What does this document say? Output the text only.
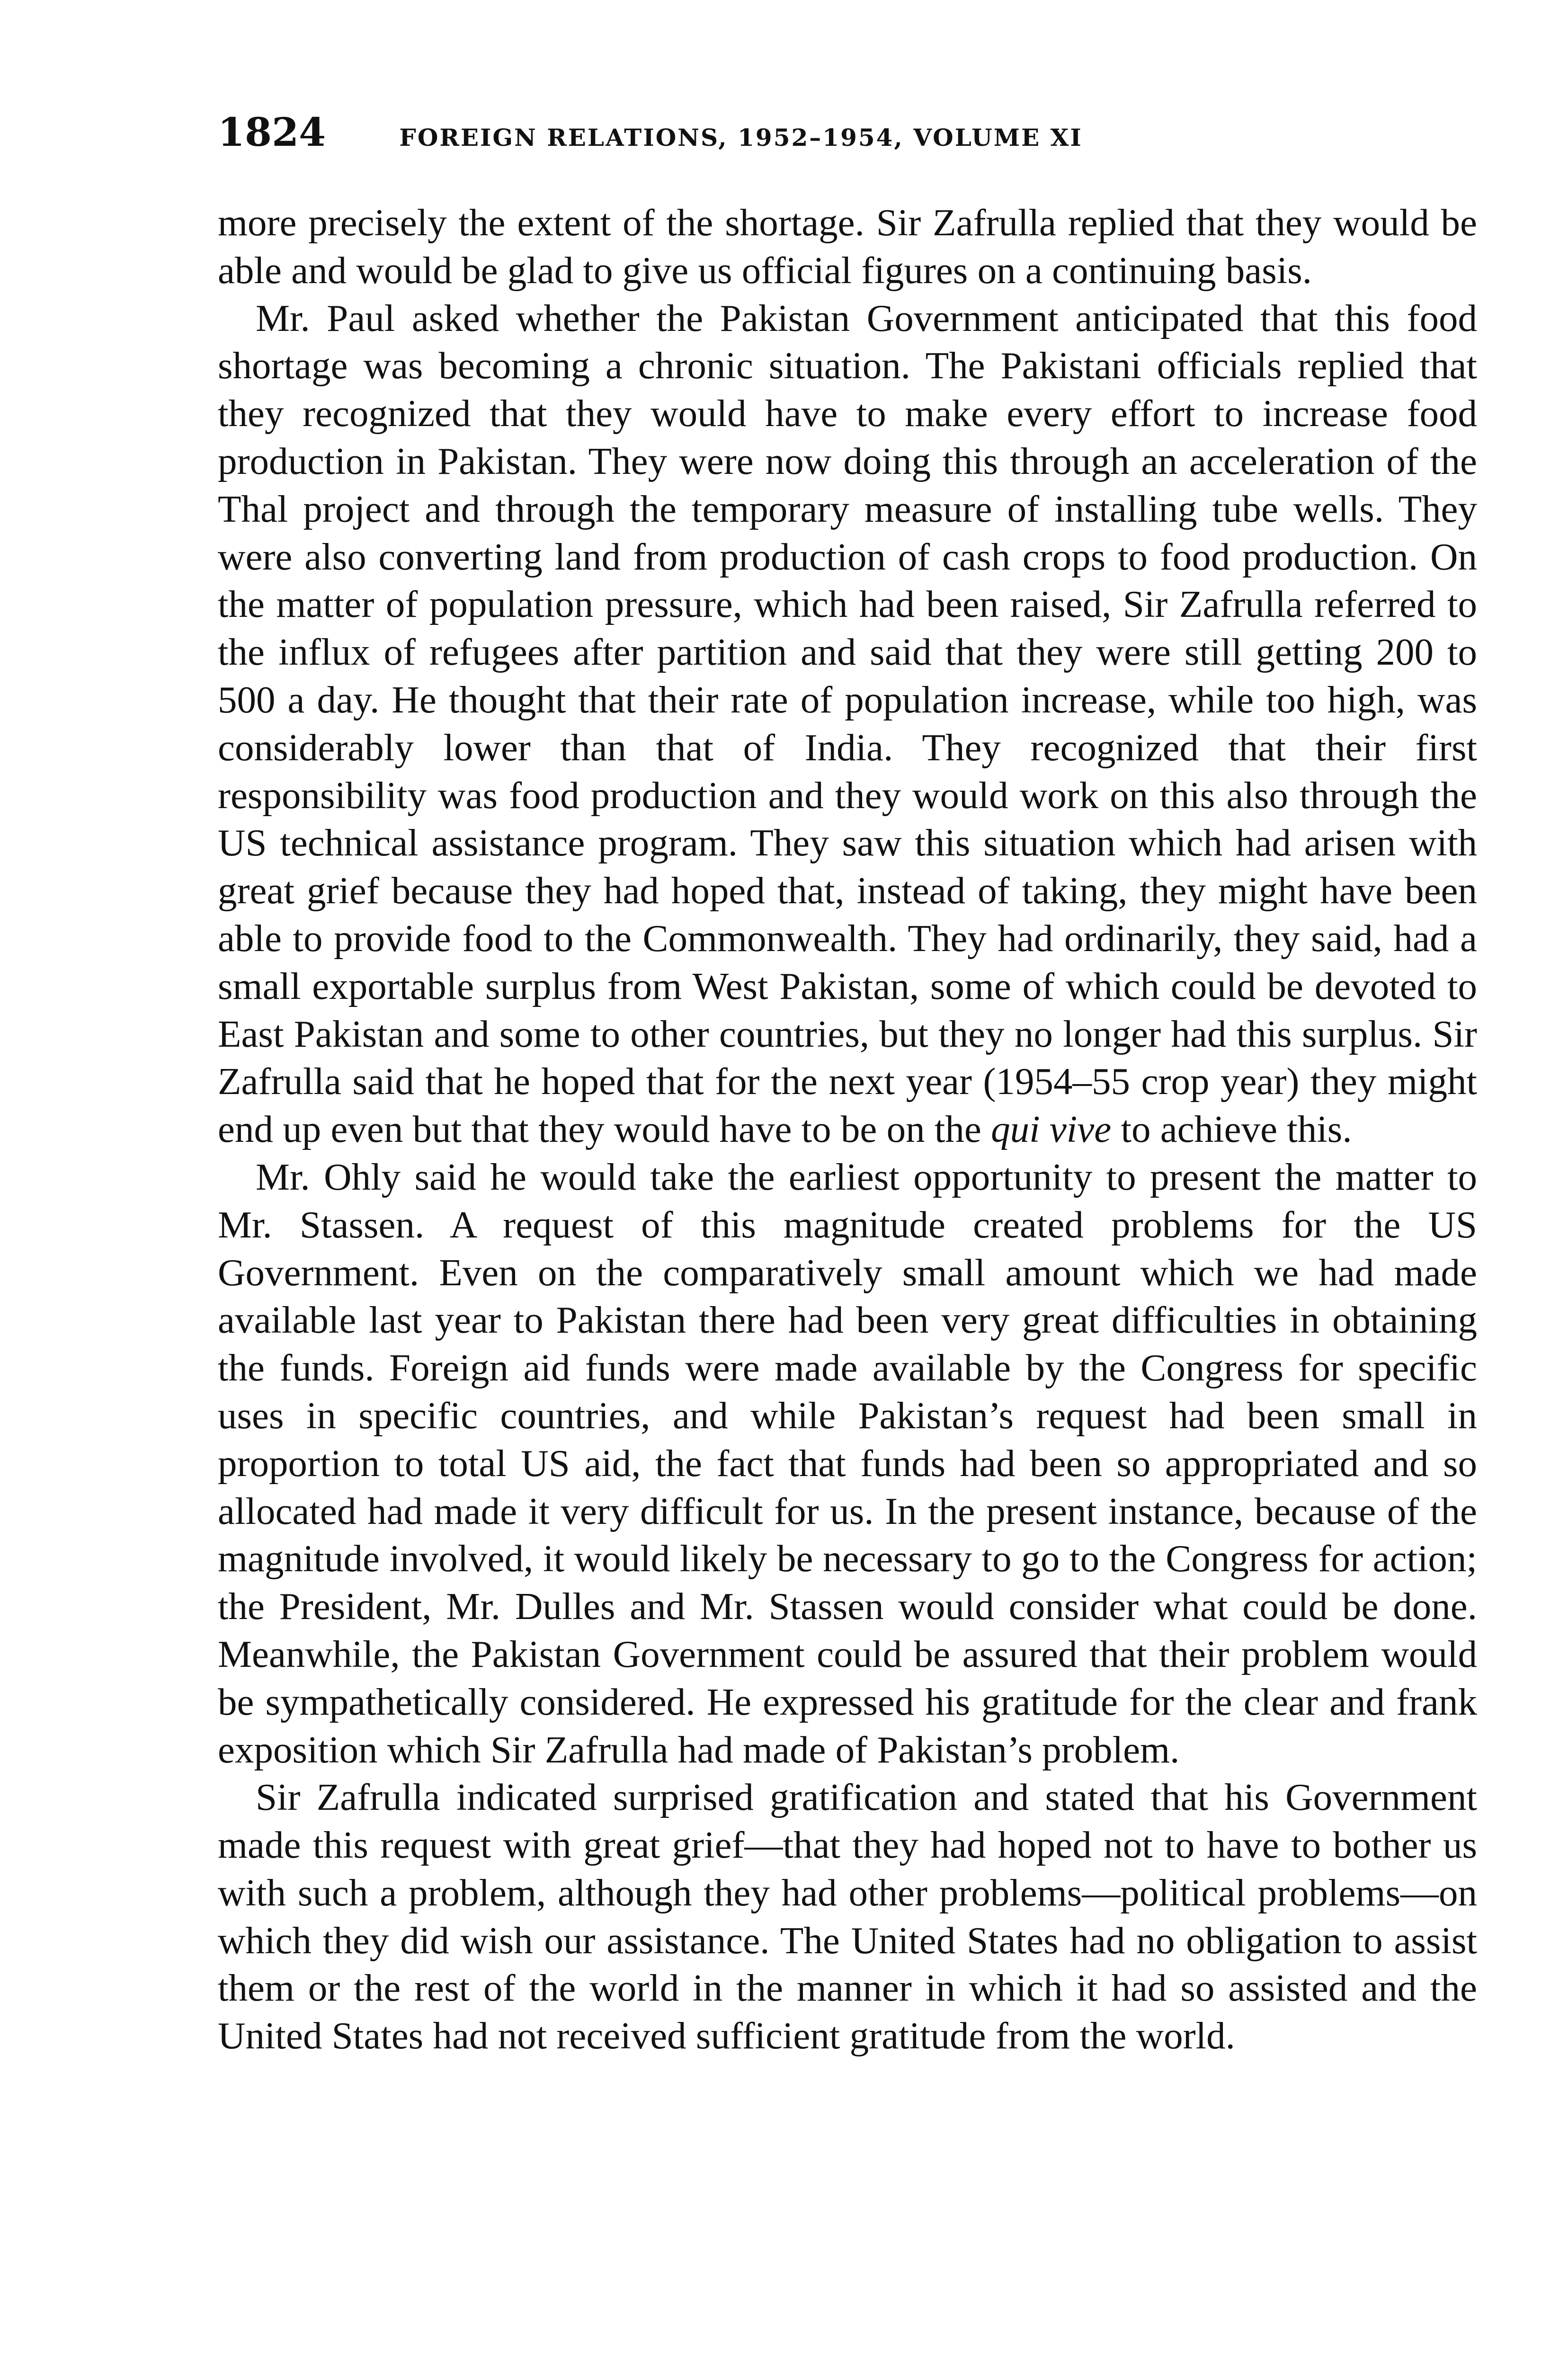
1824	FOREIGN RELATIONS, 1952–1954, VOLUME XI

more precisely the extent of the shortage. Sir Zafrulla replied that they would be able and would be glad to give us official figures on a continuing basis.

Mr. Paul asked whether the Pakistan Government anticipated that this food shortage was becoming a chronic situation. The Pakistani officials replied that they recognized that they would have to make every effort to increase food production in Pakistan. They were now doing this through an acceleration of the Thal project and through the temporary measure of installing tube wells. They were also converting land from production of cash crops to food production. On the matter of population pressure, which had been raised, Sir Zafrulla referred to the influx of refugees after partition and said that they were still getting 200 to 500 a day. He thought that their rate of population increase, while too high, was considerably lower than that of India. They recognized that their first responsibility was food production and they would work on this also through the US technical assistance program. They saw this situation which had arisen with great grief because they had hoped that, instead of taking, they might have been able to provide food to the Commonwealth. They had ordinarily, they said, had a small exportable surplus from West Pakistan, some of which could be devoted to East Pakistan and some to other countries, but they no longer had this surplus. Sir Zafrulla said that he hoped that for the next year (1954–55 crop year) they might end up even but that they would have to be on the qui vive to achieve this.

Mr. Ohly said he would take the earliest opportunity to present the matter to Mr. Stassen. A request of this magnitude created problems for the US Government. Even on the comparatively small amount which we had made available last year to Pakistan there had been very great difficulties in obtaining the funds. Foreign aid funds were made available by the Congress for specific uses in specific countries, and while Pakistan’s request had been small in proportion to total US aid, the fact that funds had been so appropriated and so allocated had made it very difficult for us. In the present instance, because of the magnitude involved, it would likely be necessary to go to the Congress for action; the President, Mr. Dulles and Mr. Stassen would consider what could be done. Meanwhile, the Pakistan Government could be assured that their problem would be sympathetically considered. He expressed his gratitude for the clear and frank exposition which Sir Zafrulla had made of Pakistan’s problem.

Sir Zafrulla indicated surprised gratification and stated that his Government made this request with great grief—that they had hoped not to have to bother us with such a problem, although they had other problems—political problems—on which they did wish our assistance. The United States had no obligation to assist them or the rest of the world in the manner in which it had so assisted and the United States had not received sufficient gratitude from the world.
